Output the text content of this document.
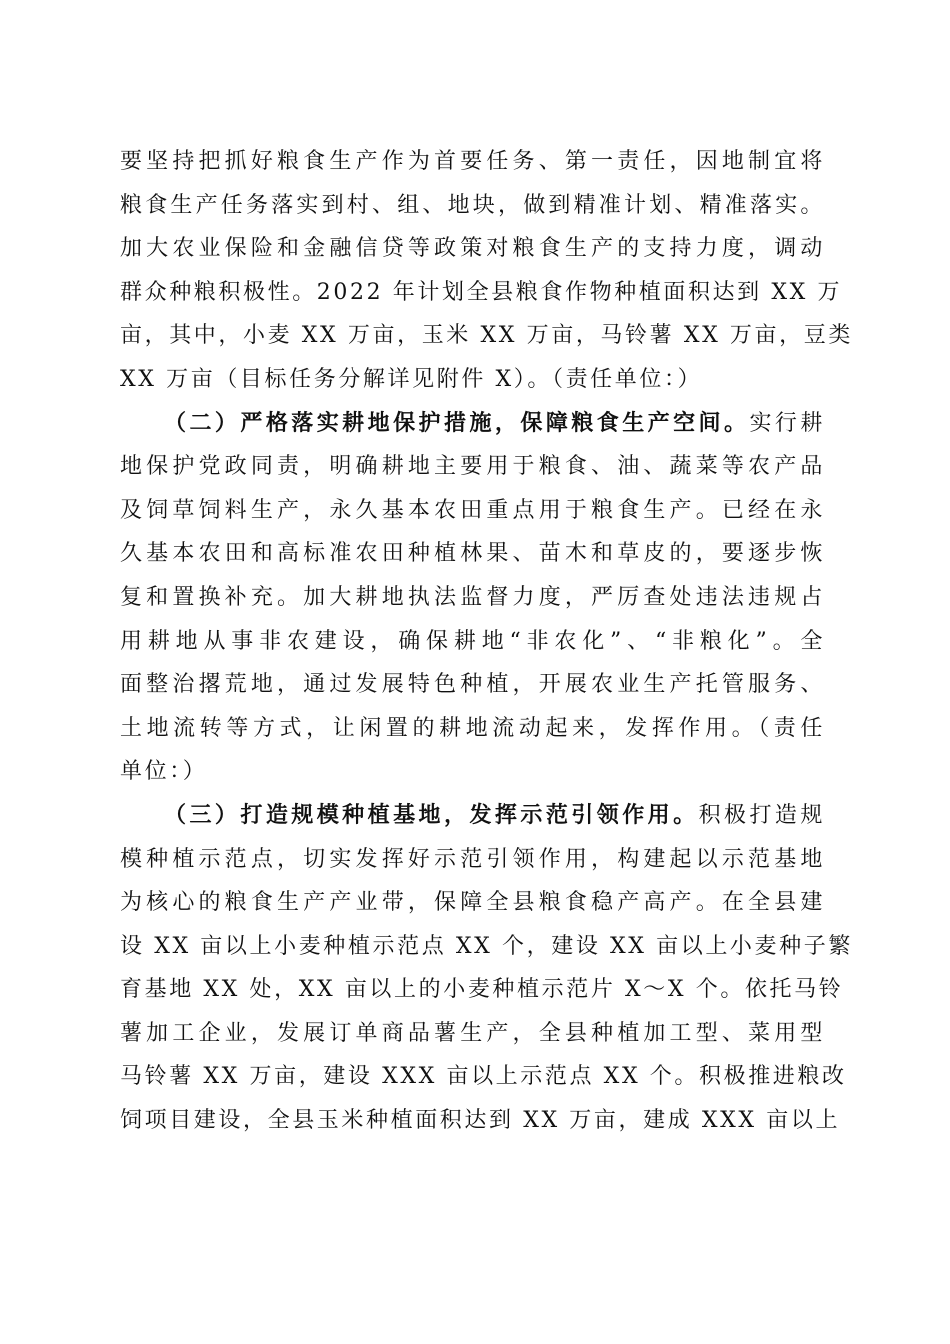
要坚持把抓好粮食生产作为首要任务、第一责任，因地制宜将
粮食生产任务落实到村、组、地块，做到精准计划、精准落实。
加大农业保险和金融信贷等政策对粮食生产的支持力度，调动
群众种粮积极性。2022 年计划全县粮食作物种植面积达到 XX 万
亩，其中，小麦 XX 万亩，玉米 XX 万亩，马铃薯 XX 万亩，豆类
XX 万亩（目标任务分解详见附件 X）。（责任单位：）
（二）严格落实耕地保护措施，保障粮食生产空间。实行耕
地保护党政同责，明确耕地主要用于粮食、油、蔬菜等农产品
及饲草饲料生产，永久基本农田重点用于粮食生产。已经在永
久基本农田和高标准农田种植林果、苗木和草皮的，要逐步恢
复和置换补充。加大耕地执法监督力度，严厉查处违法违规占
用耕地从事非农建设，确保耕地“非农化”、“非粮化”。全
面整治撂荒地，通过发展特色种植，开展农业生产托管服务、
土地流转等方式，让闲置的耕地流动起来，发挥作用。（责任
单位：）
（三）打造规模种植基地，发挥示范引领作用。积极打造规
模种植示范点，切实发挥好示范引领作用，构建起以示范基地
为核心的粮食生产产业带，保障全县粮食稳产高产。在全县建
设 XX 亩以上小麦种植示范点 XX 个，建设 XX 亩以上小麦种子繁
育基地 XX 处，XX 亩以上的小麦种植示范片 X～X 个。依托马铃
薯加工企业，发展订单商品薯生产，全县种植加工型、菜用型
马铃薯 XX 万亩，建设 XXX 亩以上示范点 XX 个。积极推进粮改
饲项目建设，全县玉米种植面积达到 XX 万亩，建成 XXX 亩以上
